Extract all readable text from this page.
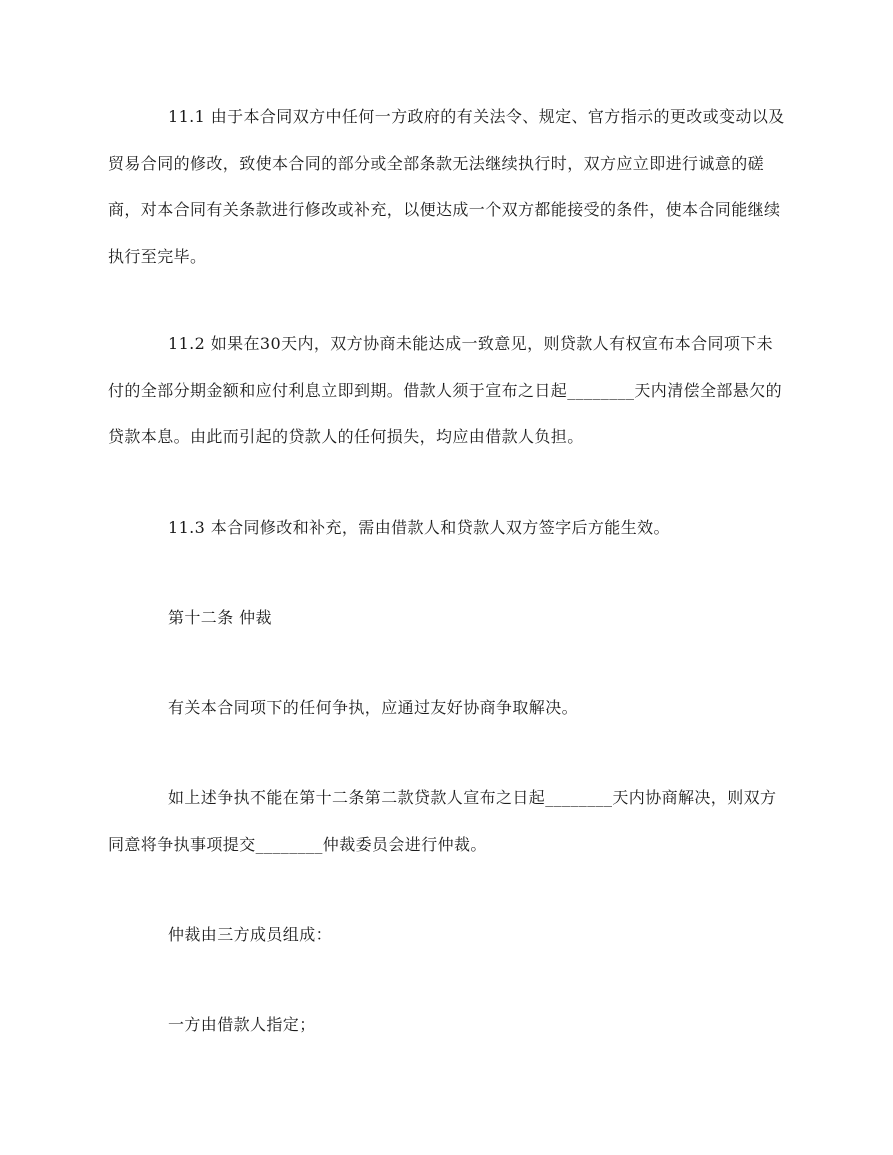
11.1 由于本合同双方中任何一方政府的有关法令、规定、官方指示的更改或变动以及贸易合同的修改，致使本合同的部分或全部条款无法继续执行时，双方应立即进行诚意的磋商，对本合同有关条款进行修改或补充，以便达成一个双方都能接受的条件，使本合同能继续执行至完毕。

11.2 如果在30天内，双方协商未能达成一致意见，则贷款人有权宣布本合同项下未付的全部分期金额和应付利息立即到期。借款人须于宣布之日起________天内清偿全部悬欠的贷款本息。由此而引起的贷款人的任何损失，均应由借款人负担。

11.3 本合同修改和补充，需由借款人和贷款人双方签字后方能生效。

第十二条 仲裁

有关本合同项下的任何争执，应通过友好协商争取解决。

如上述争执不能在第十二条第二款贷款人宣布之日起________天内协商解决，则双方同意将争执事项提交________仲裁委员会进行仲裁。

仲裁由三方成员组成：

一方由借款人指定；
